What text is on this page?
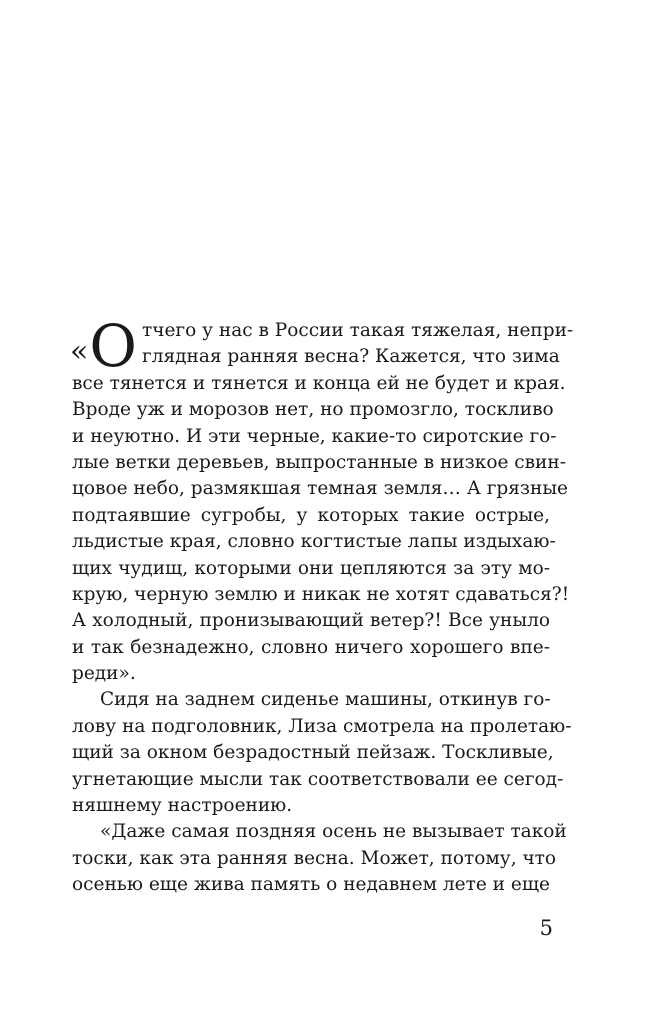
« О тчего у нас в России такая тяжелая, непри-
глядная ранняя весна? Кажется, что зима
все тянется и тянется и конца ей не будет и края.
Вроде уж и морозов нет, но промозгло, тоскливо
и неуютно. И эти черные, какие-то сиротские го-
лые ветки деревьев, выпростанные в низкое свин-
цовое небо, размякшая темная земля… А грязные
подтаявшие сугробы, у которых такие острые,
льдистые края, словно когтистые лапы издыхаю-
щих чудищ, которыми они цепляются за эту мо-
крую, черную землю и никак не хотят сдаваться?!
А холодный, пронизывающий ветер?! Все уныло
и так безнадежно, словно ничего хорошего впе-
реди».
Сидя на заднем сиденье машины, откинув го-
лову на подголовник, Лиза смотрела на пролетаю-
щий за окном безрадостный пейзаж. Тоскливые,
угнетающие мысли так соответствовали ее сегод-
няшнему настроению.
«Даже самая поздняя осень не вызывает такой
тоски, как эта ранняя весна. Может, потому, что
осенью еще жива память о недавнем лете и еще
5
